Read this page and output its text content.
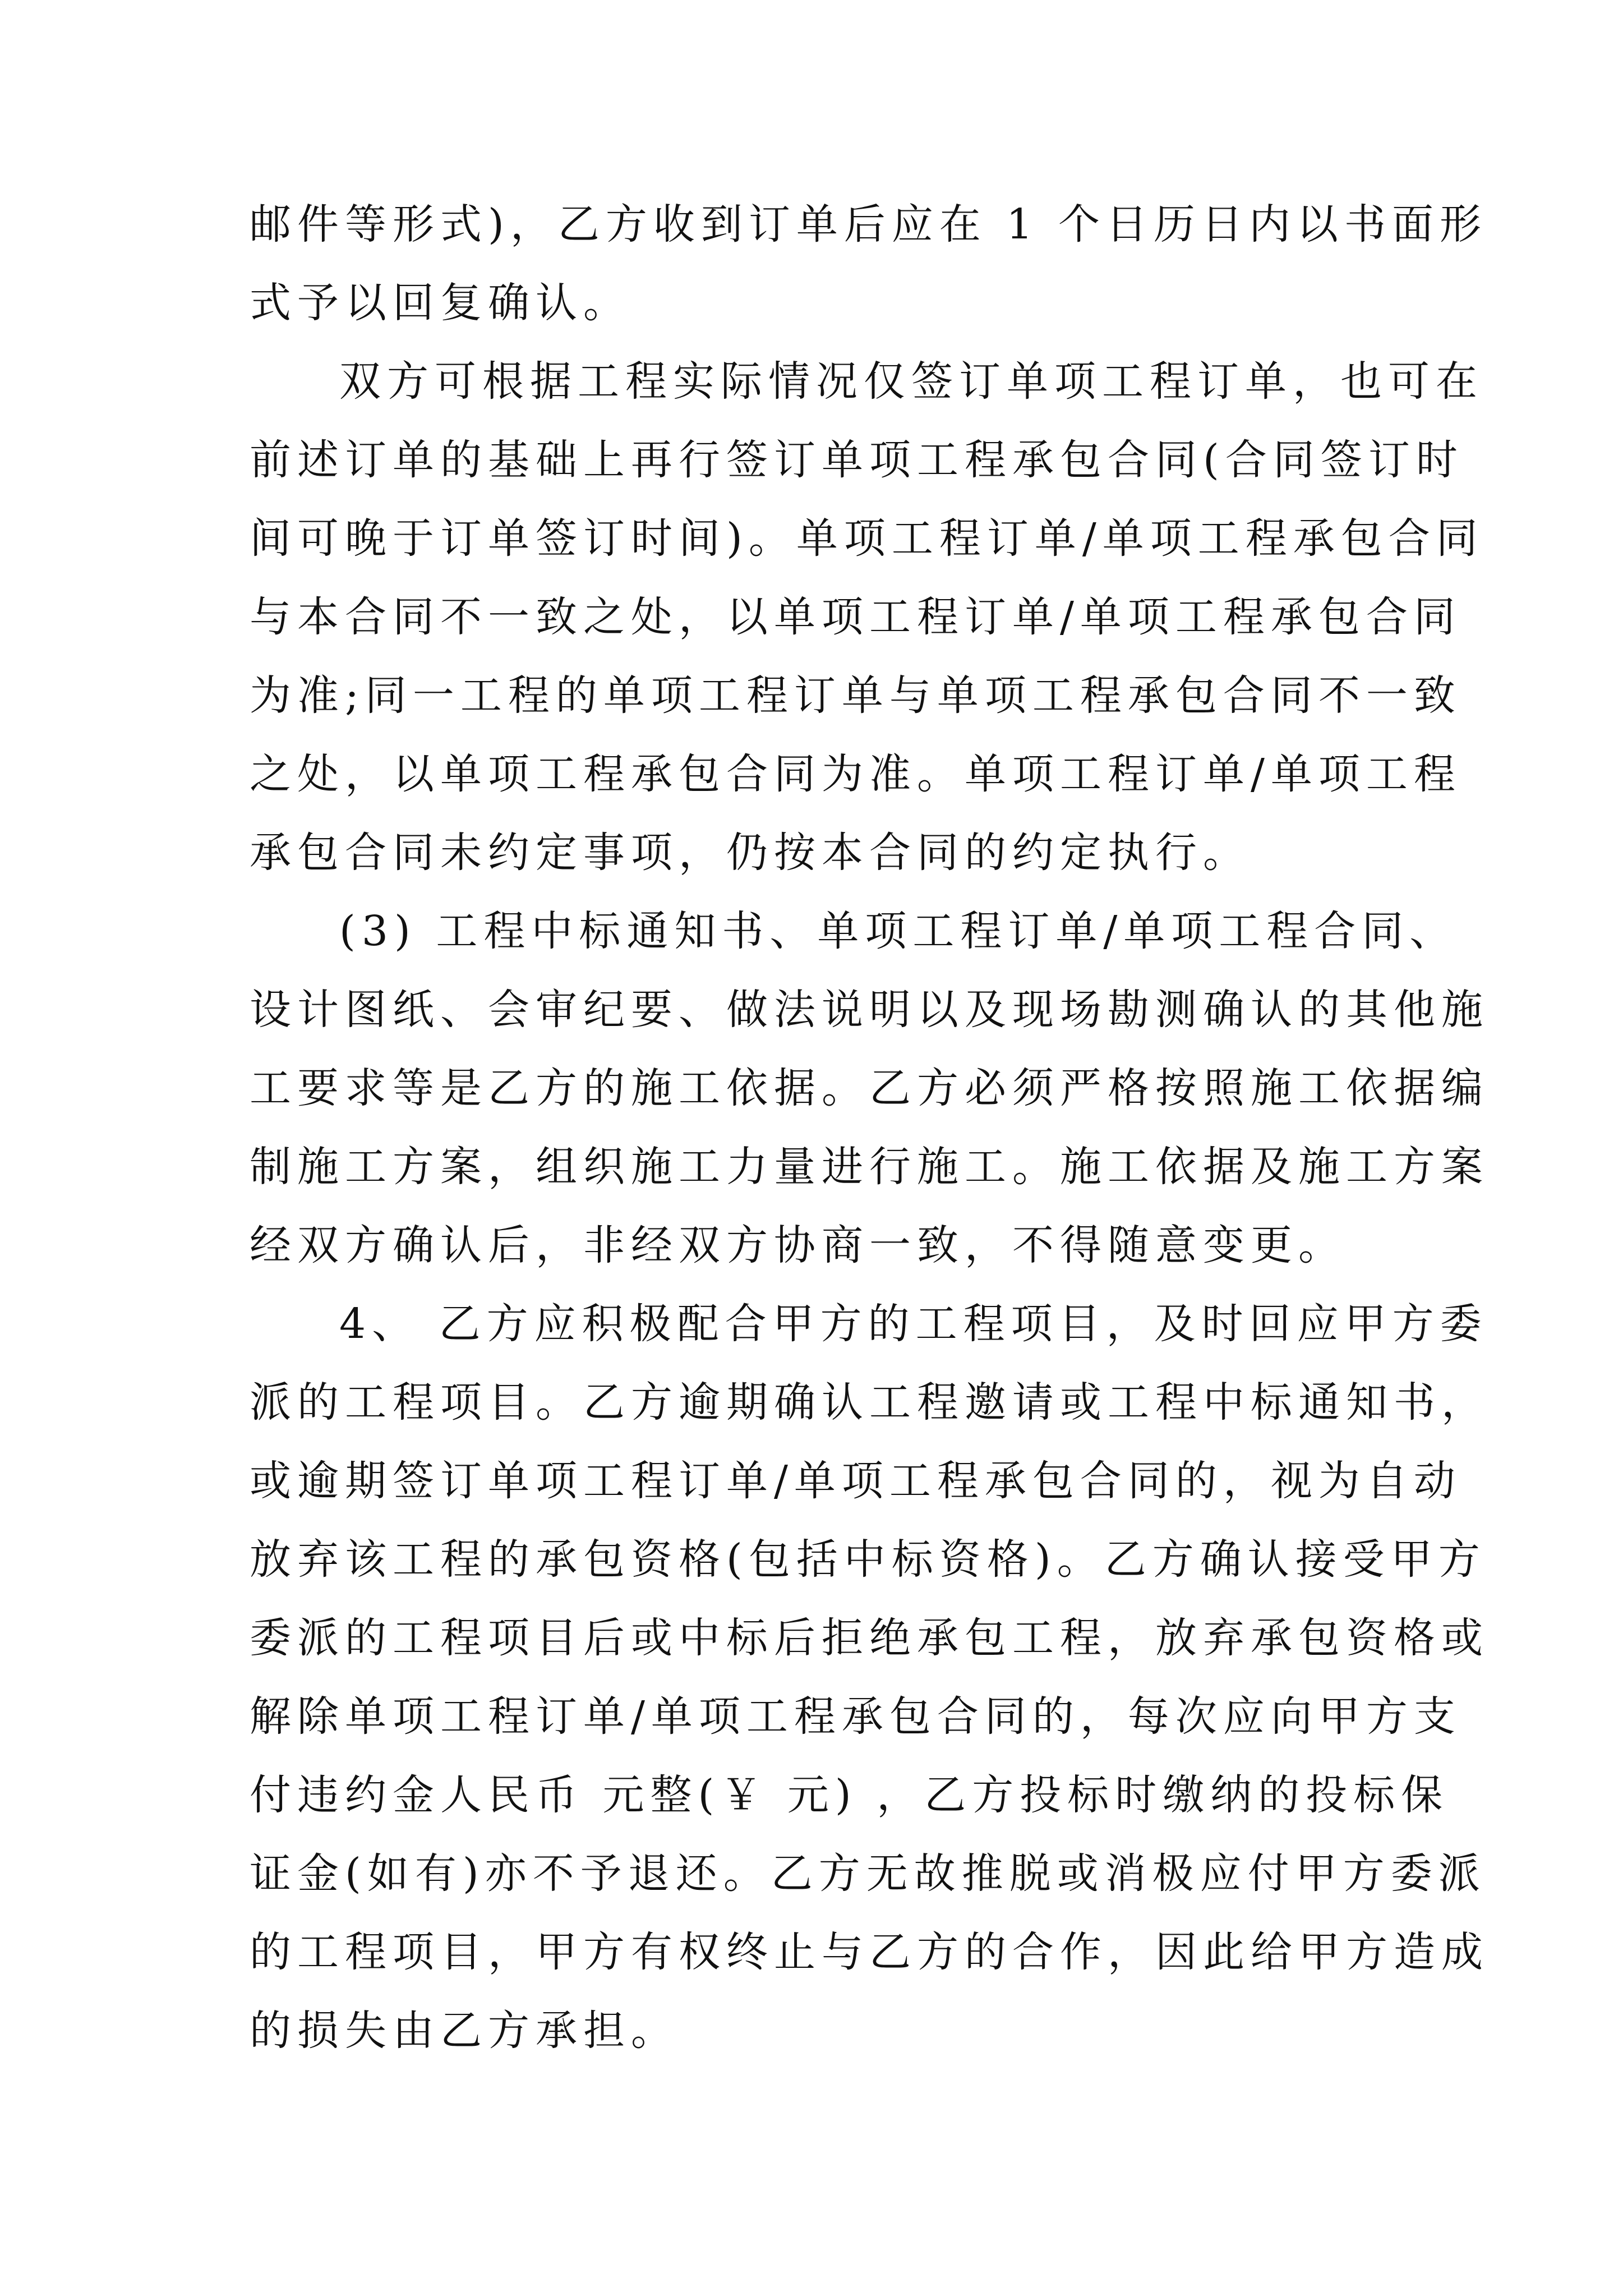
邮件等形式)，乙方收到订单后应在 1 个日历日内以书面形
式予以回复确认。
双方可根据工程实际情况仅签订单项工程订单，也可在
前述订单的基础上再行签订单项工程承包合同(合同签订时
间可晚于订单签订时间)。单项工程订单/单项工程承包合同
与本合同不一致之处，以单项工程订单/单项工程承包合同
为准;同一工程的单项工程订单与单项工程承包合同不一致
之处，以单项工程承包合同为准。单项工程订单/单项工程
承包合同未约定事项，仍按本合同的约定执行。
(3) 工程中标通知书、单项工程订单/单项工程合同、
设计图纸、会审纪要、做法说明以及现场勘测确认的其他施
工要求等是乙方的施工依据。乙方必须严格按照施工依据编
制施工方案，组织施工力量进行施工。施工依据及施工方案
经双方确认后，非经双方协商一致，不得随意变更。
4、 乙方应积极配合甲方的工程项目，及时回应甲方委
派的工程项目。乙方逾期确认工程邀请或工程中标通知书，
或逾期签订单项工程订单/单项工程承包合同的，视为自动
放弃该工程的承包资格(包括中标资格)。乙方确认接受甲方
委派的工程项目后或中标后拒绝承包工程，放弃承包资格或
解除单项工程订单/单项工程承包合同的，每次应向甲方支
付违约金人民币 元整(￥ 元) ，乙方投标时缴纳的投标保
证金(如有)亦不予退还。乙方无故推脱或消极应付甲方委派
的工程项目，甲方有权终止与乙方的合作，因此给甲方造成
的损失由乙方承担。
